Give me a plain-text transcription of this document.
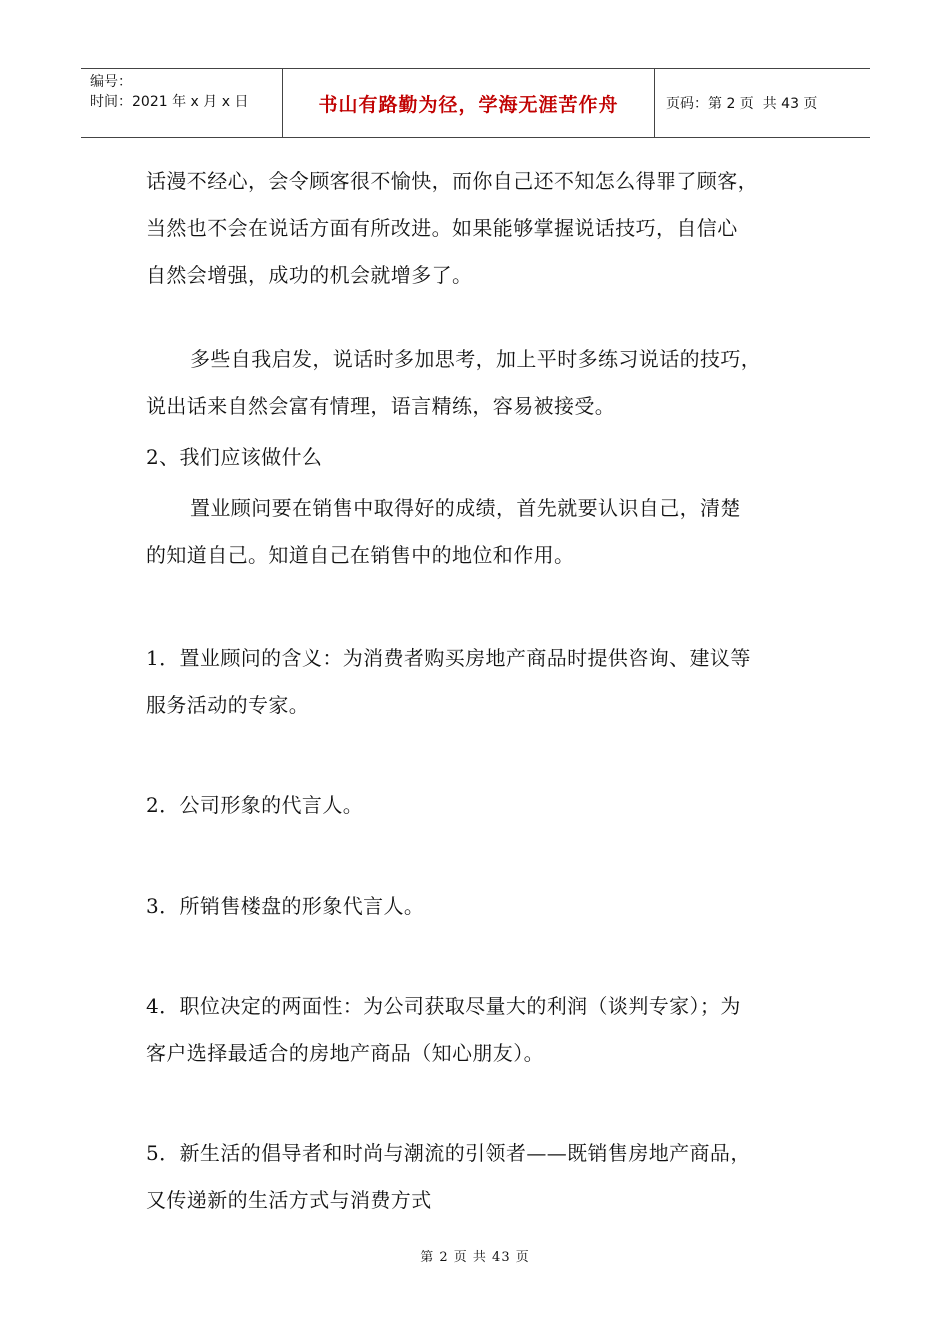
编号：
时间：2021 年 x 月 x 日	书山有路勤为径，学海无涯苦作舟	页码：第 2 页  共 43 页
话漫不经心，会令顾客很不愉快，而你自己还不知怎么得罪了顾客，
当然也不会在说话方面有所改进。如果能够掌握说话技巧，自信心
自然会增强，成功的机会就增多了。
多些自我启发，说话时多加思考，加上平时多练习说话的技巧，
说出话来自然会富有情理，语言精练，容易被接受。
2、我们应该做什么
置业顾问要在销售中取得好的成绩，首先就要认识自己，清楚
的知道自己。知道自己在销售中的地位和作用。
1．置业顾问的含义：为消费者购买房地产商品时提供咨询、建议等
服务活动的专家。
2．公司形象的代言人。
3．所销售楼盘的形象代言人。
4．职位决定的两面性：为公司获取尽量大的利润（谈判专家）；为
客户选择最适合的房地产商品（知心朋友）。
5．新生活的倡导者和时尚与潮流的引领者——既销售房地产商品，
又传递新的生活方式与消费方式
第 2 页 共 43 页
